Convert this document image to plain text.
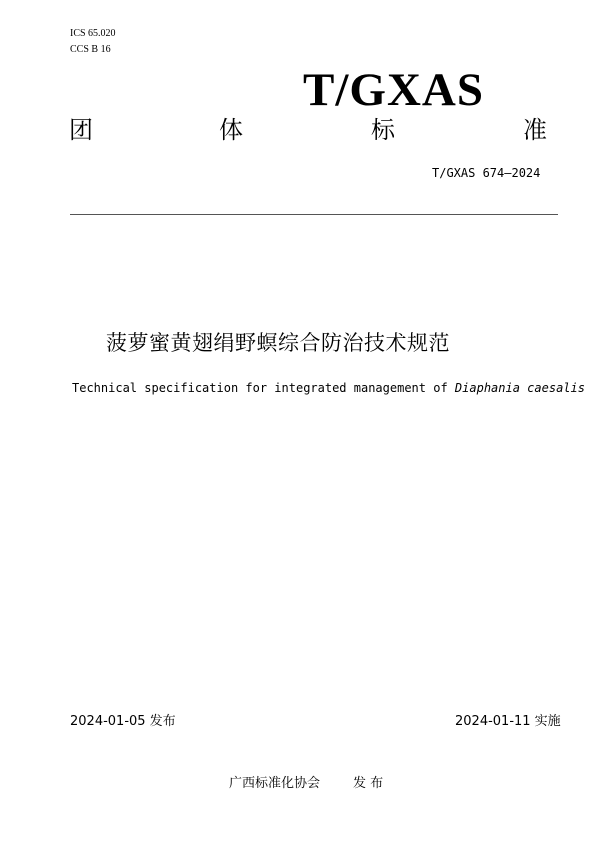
ICS 65.020
CCS B 16
T/GXAS
团	体	标	准
T/GXAS 674—2024
菠萝蜜黄翅绢野螟综合防治技术规范
Technical specification for integrated management of Diaphania caesalis
2024-01-05 发布	2024-01-11 实施
广西标准化协会	发 布
